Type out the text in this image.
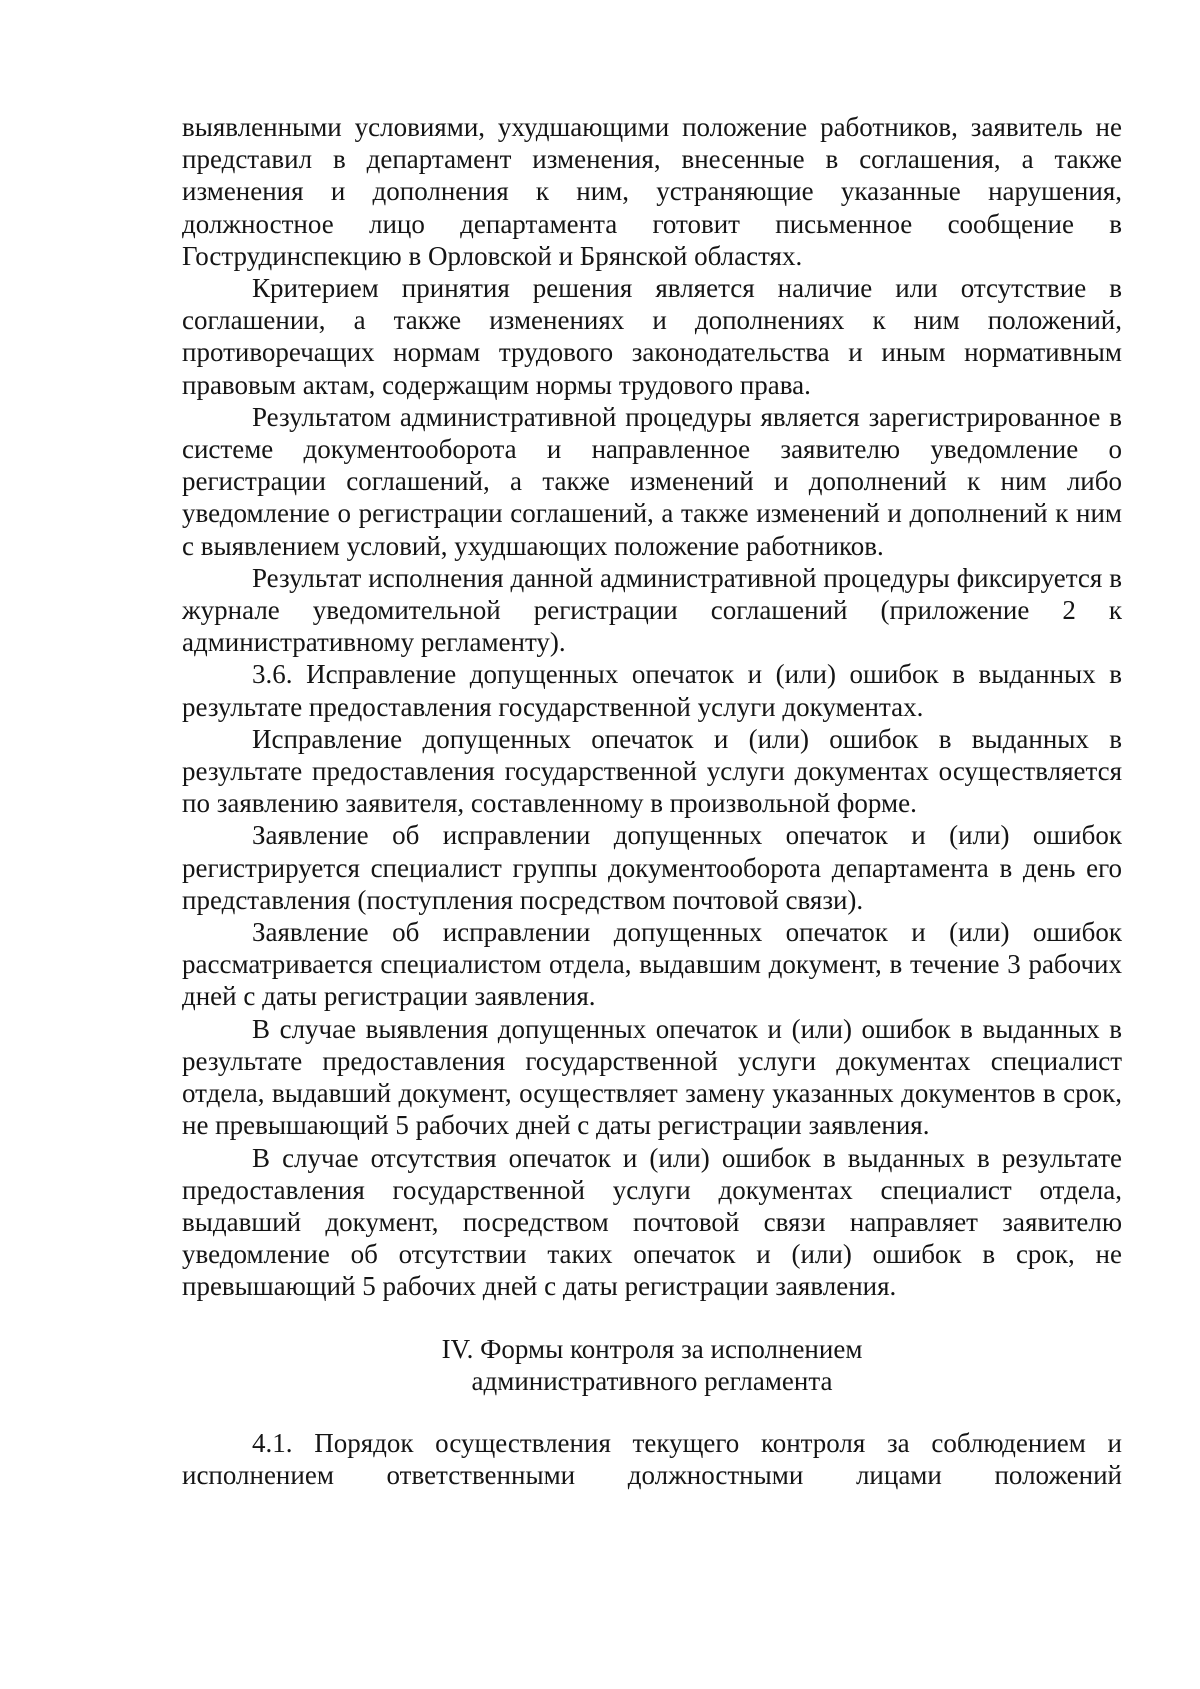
выявленными условиями, ухудшающими положение работников, заявитель не представил в департамент изменения, внесенные в соглашения, а также изменения и дополнения к ним, устраняющие указанные нарушения, должностное лицо департамента готовит письменное сообщение в Гострудинспекцию в Орловской и Брянской областях.

Критерием принятия решения является наличие или отсутствие в соглашении, а также изменениях и дополнениях к ним положений, противоречащих нормам трудового законодательства и иным нормативным правовым актам, содержащим нормы трудового права.

Результатом административной процедуры является зарегистрированное в системе документооборота и направленное заявителю уведомление о регистрации соглашений, а также изменений и дополнений к ним либо уведомление о регистрации соглашений, а также изменений и дополнений к ним с выявлением условий, ухудшающих положение работников.

Результат исполнения данной административной процедуры фиксируется в журнале уведомительной регистрации соглашений (приложение 2 к административному регламенту).

3.6. Исправление допущенных опечаток и (или) ошибок в выданных в результате предоставления государственной услуги документах.

Исправление допущенных опечаток и (или) ошибок в выданных в результате предоставления государственной услуги документах осуществляется по заявлению заявителя, составленному в произвольной форме.

Заявление об исправлении допущенных опечаток и (или) ошибок регистрируется специалист группы документооборота департамента в день его представления (поступления посредством почтовой связи).

Заявление об исправлении допущенных опечаток и (или) ошибок рассматривается специалистом отдела, выдавшим документ, в течение 3 рабочих дней с даты регистрации заявления.

В случае выявления допущенных опечаток и (или) ошибок в выданных в результате предоставления государственной услуги документах специалист отдела, выдавший документ, осуществляет замену указанных документов в срок, не превышающий 5 рабочих дней с даты регистрации заявления.

В случае отсутствия опечаток и (или) ошибок в выданных в результате предоставления государственной услуги документах специалист отдела, выдавший документ, посредством почтовой связи направляет заявителю уведомление об отсутствии таких опечаток и (или) ошибок в срок, не превышающий 5 рабочих дней с даты регистрации заявления.

IV. Формы контроля за исполнением
административного регламента

4.1. Порядок осуществления текущего контроля за соблюдением и исполнением ответственными должностными лицами положений
